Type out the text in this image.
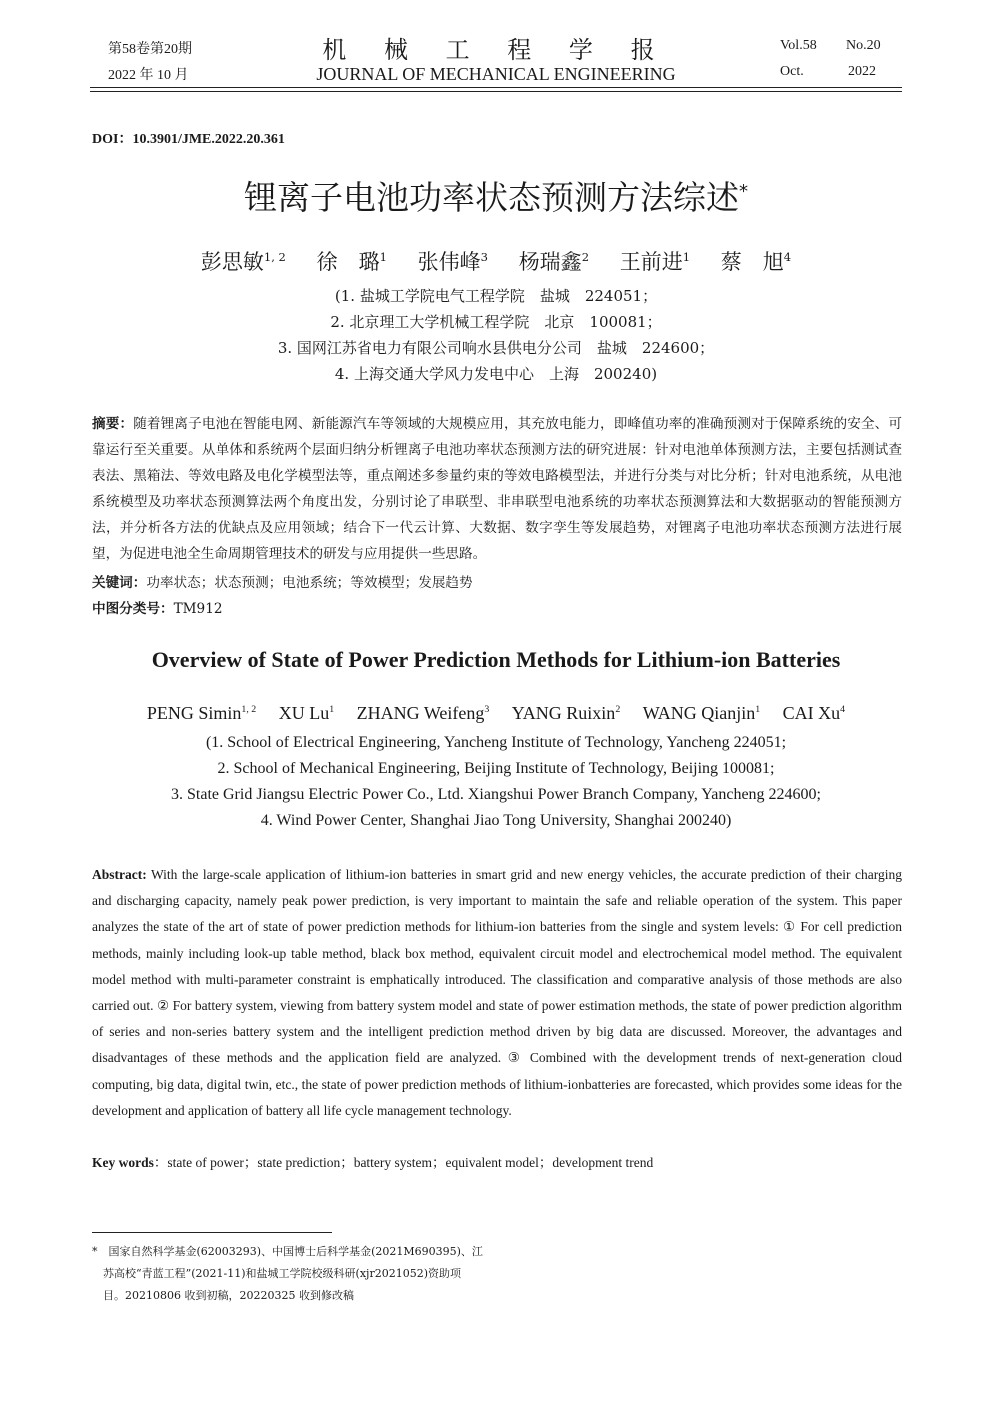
第58卷第20期
2022 年 10 月
机 械 工 程 学 报
JOURNAL OF MECHANICAL ENGINEERING
Vol.58 No.20
Oct.	2022
DOI：10.3901/JME.2022.20.361
锂离子电池功率状态预测方法综述*
彭思敏$^{1, 2}$ 徐　璐$^1$ 张伟峰$^3$ 杨瑞鑫$^2$ 王前进$^1$ 蔡　旭$^4$
(1. 盐城工学院电气工程学院　盐城　224051；
2. 北京理工大学机械工程学院　北京　100081；
3. 国网江苏省电力有限公司响水县供电分公司　盐城　224600；
4. 上海交通大学风力发电中心　上海　200240)
摘要：随着锂离子电池在智能电网、新能源汽车等领域的大规模应用，其充放电能力，即峰值功率的准确预测对于保障系统的安全、可靠运行至关重要。从单体和系统两个层面归纳分析锂离子电池功率状态预测方法的研究进展：针对电池单体预测方法，主要包括测试查表法、黑箱法、等效电路及电化学模型法等，重点阐述多参量约束的等效电路模型法，并进行分类与对比分析；针对电池系统，从电池系统模型及功率状态预测算法两个角度出发，分别讨论了串联型、非串联型电池系统的功率状态预测算法和大数据驱动的智能预测方法，并分析各方法的优缺点及应用领域；结合下一代云计算、大数据、数字孪生等发展趋势，对锂离子电池功率状态预测方法进行展望，为促进电池全生命周期管理技术的研发与应用提供一些思路。
关键词：功率状态；状态预测；电池系统；等效模型；发展趋势
中图分类号：TM912
Overview of State of Power Prediction Methods for Lithium-ion Batteries
PENG Simin$^{1, 2}$ XU Lu$^1$ ZHANG Weifeng$^3$ YANG Ruixin$^2$ WANG Qianjin$^1$ CAI Xu$^4$
(1. School of Electrical Engineering, Yancheng Institute of Technology, Yancheng 224051;
2. School of Mechanical Engineering, Beijing Institute of Technology, Beijing 100081;
3. State Grid Jiangsu Electric Power Co., Ltd. Xiangshui Power Branch Company, Yancheng 224600;
4. Wind Power Center, Shanghai Jiao Tong University, Shanghai 200240)
Abstract: With the large-scale application of lithium-ion batteries in smart grid and new energy vehicles, the accurate prediction of their charging and discharging capacity, namely peak power prediction, is very important to maintain the safe and reliable operation of the system. This paper analyzes the state of the art of state of power prediction methods for lithium-ion batteries from the single and system levels: ① For cell prediction methods, mainly including look-up table method, black box method, equivalent circuit model and electrochemical model method. The equivalent model method with multi-parameter constraint is emphatically introduced. The classification and comparative analysis of those methods are also carried out. ② For battery system, viewing from battery system model and state of power estimation methods, the state of power prediction algorithm of series and non-series battery system and the intelligent prediction method driven by big data are discussed. Moreover, the advantages and disadvantages of these methods and the application field are analyzed. ③ Combined with the development trends of next-generation cloud computing, big data, digital twin, etc., the state of power prediction methods of lithium-ionbatteries are forecasted, which provides some ideas for the development and application of battery all life cycle management technology.
Key words：state of power；state prediction；battery system；equivalent model；development trend
*　国家自然科学基金(62003293)、中国博士后科学基金(2021M690395)、江
　苏高校“青蓝工程”(2021-11)和盐城工学院校级科研(xjr2021052)资助项
　目。20210806 收到初稿，20220325 收到修改稿
